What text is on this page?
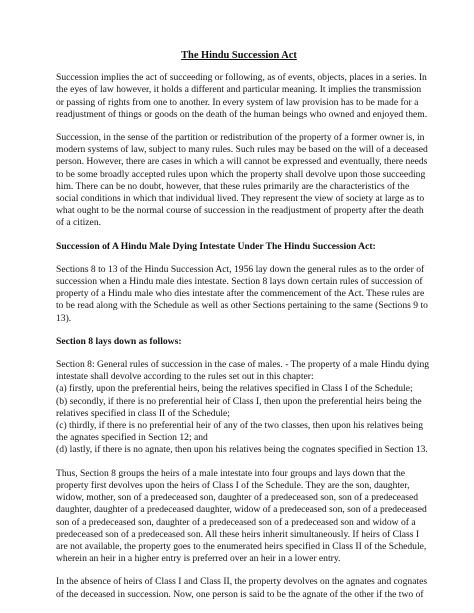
The Hindu Succession Act
Succession implies the act of succeeding or following, as of events, objects, places in a series. In
the eyes of law however, it holds a different and particular meaning. It implies the transmission
or passing of rights from one to another. In every system of law provision has to be made for a
readjustment of things or goods on the death of the human beings who owned and enjoyed them.
Succession, in the sense of the partition or redistribution of the property of a former owner is, in
modern systems of law, subject to many rules. Such rules may be based on the will of a deceased
person. However, there are cases in which a will cannot be expressed and eventually, there needs
to be some broadly accepted rules upon which the property shall devolve upon those succeeding
him. There can be no doubt, however, that these rules primarily are the characteristics of the
social conditions in which that individual lived. They represent the view of society at large as to
what ought to be the normal course of succession in the readjustment of property after the death
of a citizen.
Succession of A Hindu Male Dying Intestate Under The Hindu Succession Act:
Sections 8 to 13 of the Hindu Succession Act, 1956 lay down the general rules as to the order of
succession when a Hindu male dies intestate. Section 8 lays down certain rules of succession of
property of a Hindu male who dies intestate after the commencement of the Act. These rules are
to be read along with the Schedule as well as other Sections pertaining to the same (Sections 9 to
13).
Section 8 lays down as follows:
Section 8: General rules of succession in the case of males. - The property of a male Hindu dying
intestate shall devolve according to the rules set out in this chapter:
(a) firstly, upon the preferential heirs, being the relatives specified in Class I of the Schedule;
(b) secondly, if there is no preferential heir of Class I, then upon the preferential heirs being the
relatives specified in class II of the Schedule;
(c) thirdly, if there is no preferential heir of any of the two classes, then upon his relatives being
the agnates specified in Section 12; and
(d) lastly, if there is no agnate, then upon his relatives being the cognates specified in Section 13.
Thus, Section 8 groups the heirs of a male intestate into four groups and lays down that the
property first devolves upon the heirs of Class I of the Schedule. They are the son, daughter,
widow, mother, son of a predeceased son, daughter of a predeceased son, son of a predeceased
daughter, daughter of a predeceased daughter, widow of a predeceased son, son of a predeceased
son of a predeceased son, daughter of a predeceased son of a predeceased son and widow of a
predeceased son of a predeceased son. All these heirs inherit simultaneously. If heirs of Class I
are not available, the property goes to the enumerated heirs specified in Class II of the Schedule,
wherein an heir in a higher entry is preferred over an heir in a lower entry.
In the absence of heirs of Class I and Class II, the property devolves on the agnates and cognates
of the deceased in succession. Now, one person is said to be the agnate of the other if the two of
